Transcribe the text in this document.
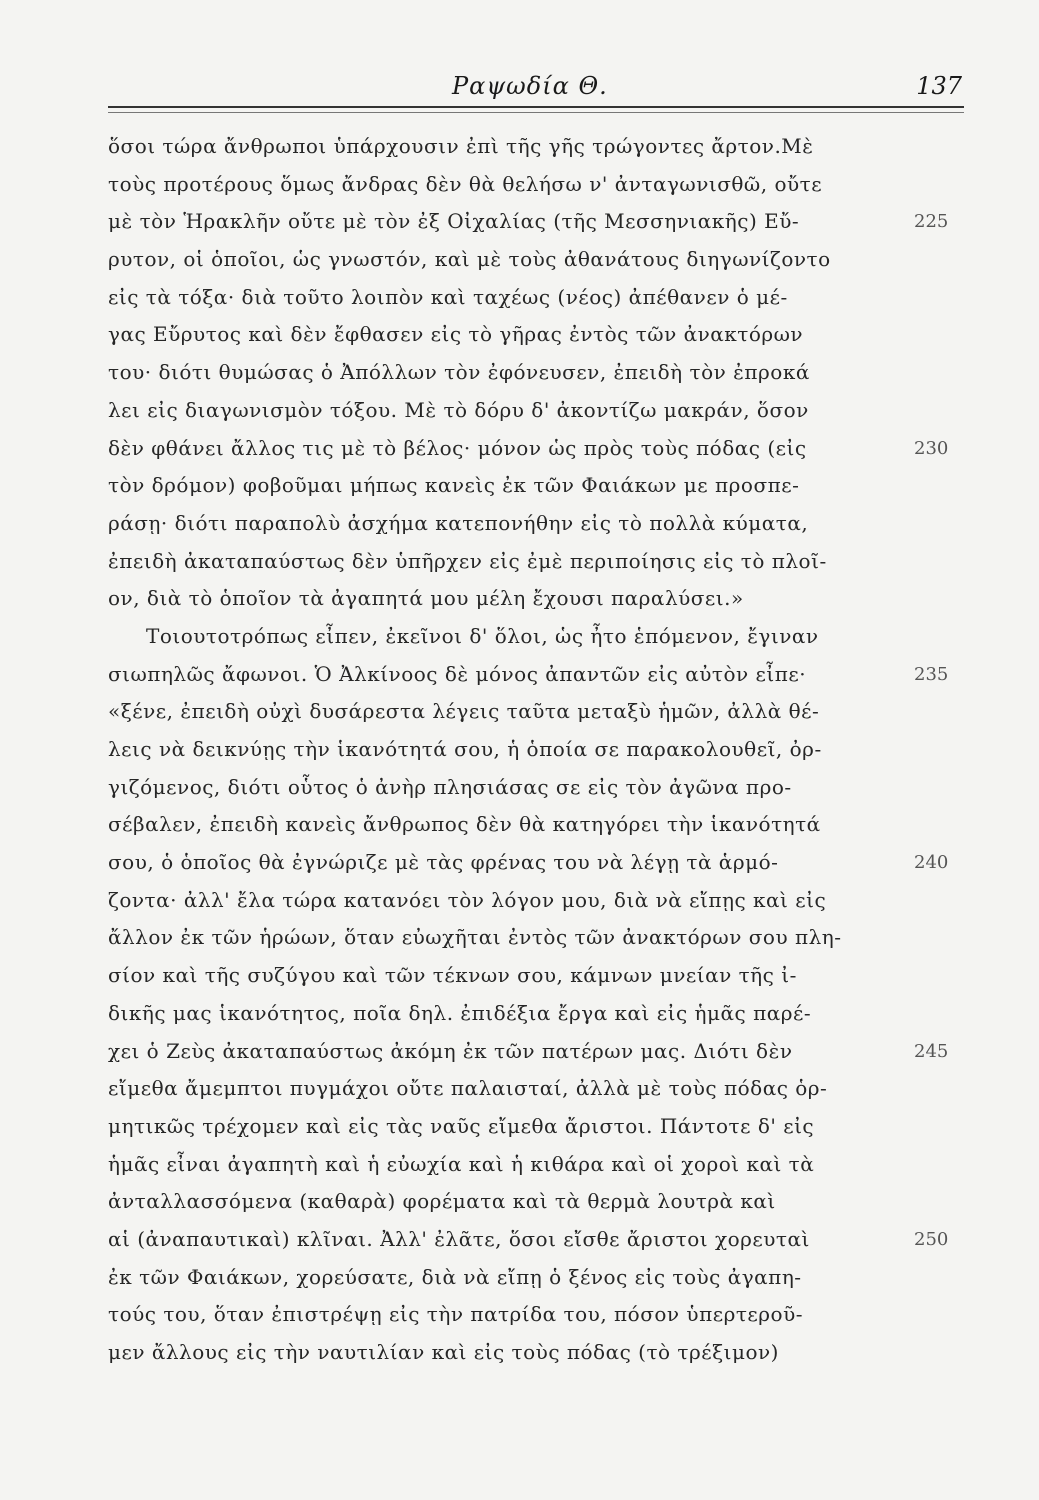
Ραψωδία Θ.	137
ὅσοι τώρα ἄνθρωποι ὑπάρχουσιν ἐπὶ τῆς γῆς τρώγοντες ἄρτον.Μὲ
τοὺς προτέρους ὅμως ἄνδρας δὲν θὰ θελήσω ν' ἀνταγωνισθῶ, οὔτε
μὲ τὸν Ἡρακλῆν οὔτε μὲ τὸν ἐξ Οἰχαλίας (τῆς Μεσσηνιακῆς) Εὔ-
ρυτον, οἱ ὁποῖοι, ὡς γνωστόν, καὶ μὲ τοὺς ἀθανάτους διηγωνίζοντο
εἰς τὰ τόξα· διὰ τοῦτο λοιπὸν καὶ ταχέως (νέος) ἀπέθανεν ὁ μέ-
γας Εὔρυτος καὶ δὲν ἔφθασεν εἰς τὸ γῆρας ἐντὸς τῶν ἀνακτόρων
του· διότι θυμώσας ὁ Ἀπόλλων τὸν ἐφόνευσεν, ἐπειδὴ τὸν ἐπροκά
λει εἰς διαγωνισμὸν τόξου. Μὲ τὸ δόρυ δ' ἀκοντίζω μακράν, ὅσον
δὲν φθάνει ἄλλος τις μὲ τὸ βέλος· μόνον ὡς πρὸς τοὺς πόδας (εἰς
τὸν δρόμον) φοβοῦμαι μήπως κανεὶς ἐκ τῶν Φαιάκων με προσπε-
ράσῃ· διότι παραπολὺ ἀσχήμα κατεπονήθην εἰς τὸ πολλὰ κύματα,
ἐπειδὴ ἀκαταπαύστως δὲν ὑπῆρχεν εἰς ἐμὲ περιποίησις εἰς τὸ πλοῖ-
ον, διὰ τὸ ὁποῖον τὰ ἀγαπητά μου μέλη ἔχουσι παραλύσει.»
Τοιουτοτρόπως εἶπεν, ἐκεῖνοι δ' ὅλοι, ὡς ἦτο ἑπόμενον, ἔγιναν
σιωπηλῶς ἄφωνοι. Ὁ Ἀλκίνοος δὲ μόνος ἀπαντῶν εἰς αὐτὸν εἶπε·
«ξένε, ἐπειδὴ οὐχὶ δυσάρεστα λέγεις ταῦτα μεταξὺ ἡμῶν, ἀλλὰ θέ-
λεις νὰ δεικνύῃς τὴν ἱκανότητά σου, ἡ ὁποία σε παρακολουθεῖ, ὀρ-
γιζόμενος, διότι οὗτος ὁ ἀνὴρ πλησιάσας σε εἰς τὸν ἀγῶνα προ-
σέβαλεν, ἐπειδὴ κανεὶς ἄνθρωπος δὲν θὰ κατηγόρει τὴν ἱκανότητά
σου, ὁ ὁποῖος θὰ ἐγνώριζε μὲ τὰς φρένας του νὰ λέγῃ τὰ ἁρμό-
ζοντα· ἀλλ' ἔλα τώρα κατανόει τὸν λόγον μου, διὰ νὰ εἴπῃς καὶ εἰς
ἄλλον ἐκ τῶν ἡρώων, ὅταν εὐωχῆται ἐντὸς τῶν ἀνακτόρων σου πλη-
σίον καὶ τῆς συζύγου καὶ τῶν τέκνων σου, κάμνων μνείαν τῆς ἰ-
δικῆς μας ἱκανότητος, ποῖα δηλ. ἐπιδέξια ἔργα καὶ εἰς ἡμᾶς παρέ-
χει ὁ Ζεὺς ἀκαταπαύστως ἀκόμη ἐκ τῶν πατέρων μας. Διότι δὲν
εἴμεθα ἄμεμπτοι πυγμάχοι οὔτε παλαισταί, ἀλλὰ μὲ τοὺς πόδας ὁρ-
μητικῶς τρέχομεν καὶ εἰς τὰς ναῦς εἴμεθα ἄριστοι. Πάντοτε δ' εἰς
ἡμᾶς εἶναι ἀγαπητὴ καὶ ἡ εὐωχία καὶ ἡ κιθάρα καὶ οἱ χοροὶ καὶ τὰ
ἀνταλλασσόμενα (καθαρὰ) φορέματα καὶ τὰ θερμὰ λουτρὰ καὶ
αἱ (ἀναπαυτικαὶ) κλῖναι. Ἀλλ' ἐλᾶτε, ὅσοι εἴσθε ἄριστοι χορευταὶ
ἐκ τῶν Φαιάκων, χορεύσατε, διὰ νὰ εἴπῃ ὁ ξένος εἰς τοὺς ἀγαπη-
τούς του, ὅταν ἐπιστρέψῃ εἰς τὴν πατρίδα του, πόσον ὑπερτεροῦ-
μεν ἄλλους εἰς τὴν ναυτιλίαν καὶ εἰς τοὺς πόδας (τὸ τρέξιμον)
225
230
235
240
245
250
